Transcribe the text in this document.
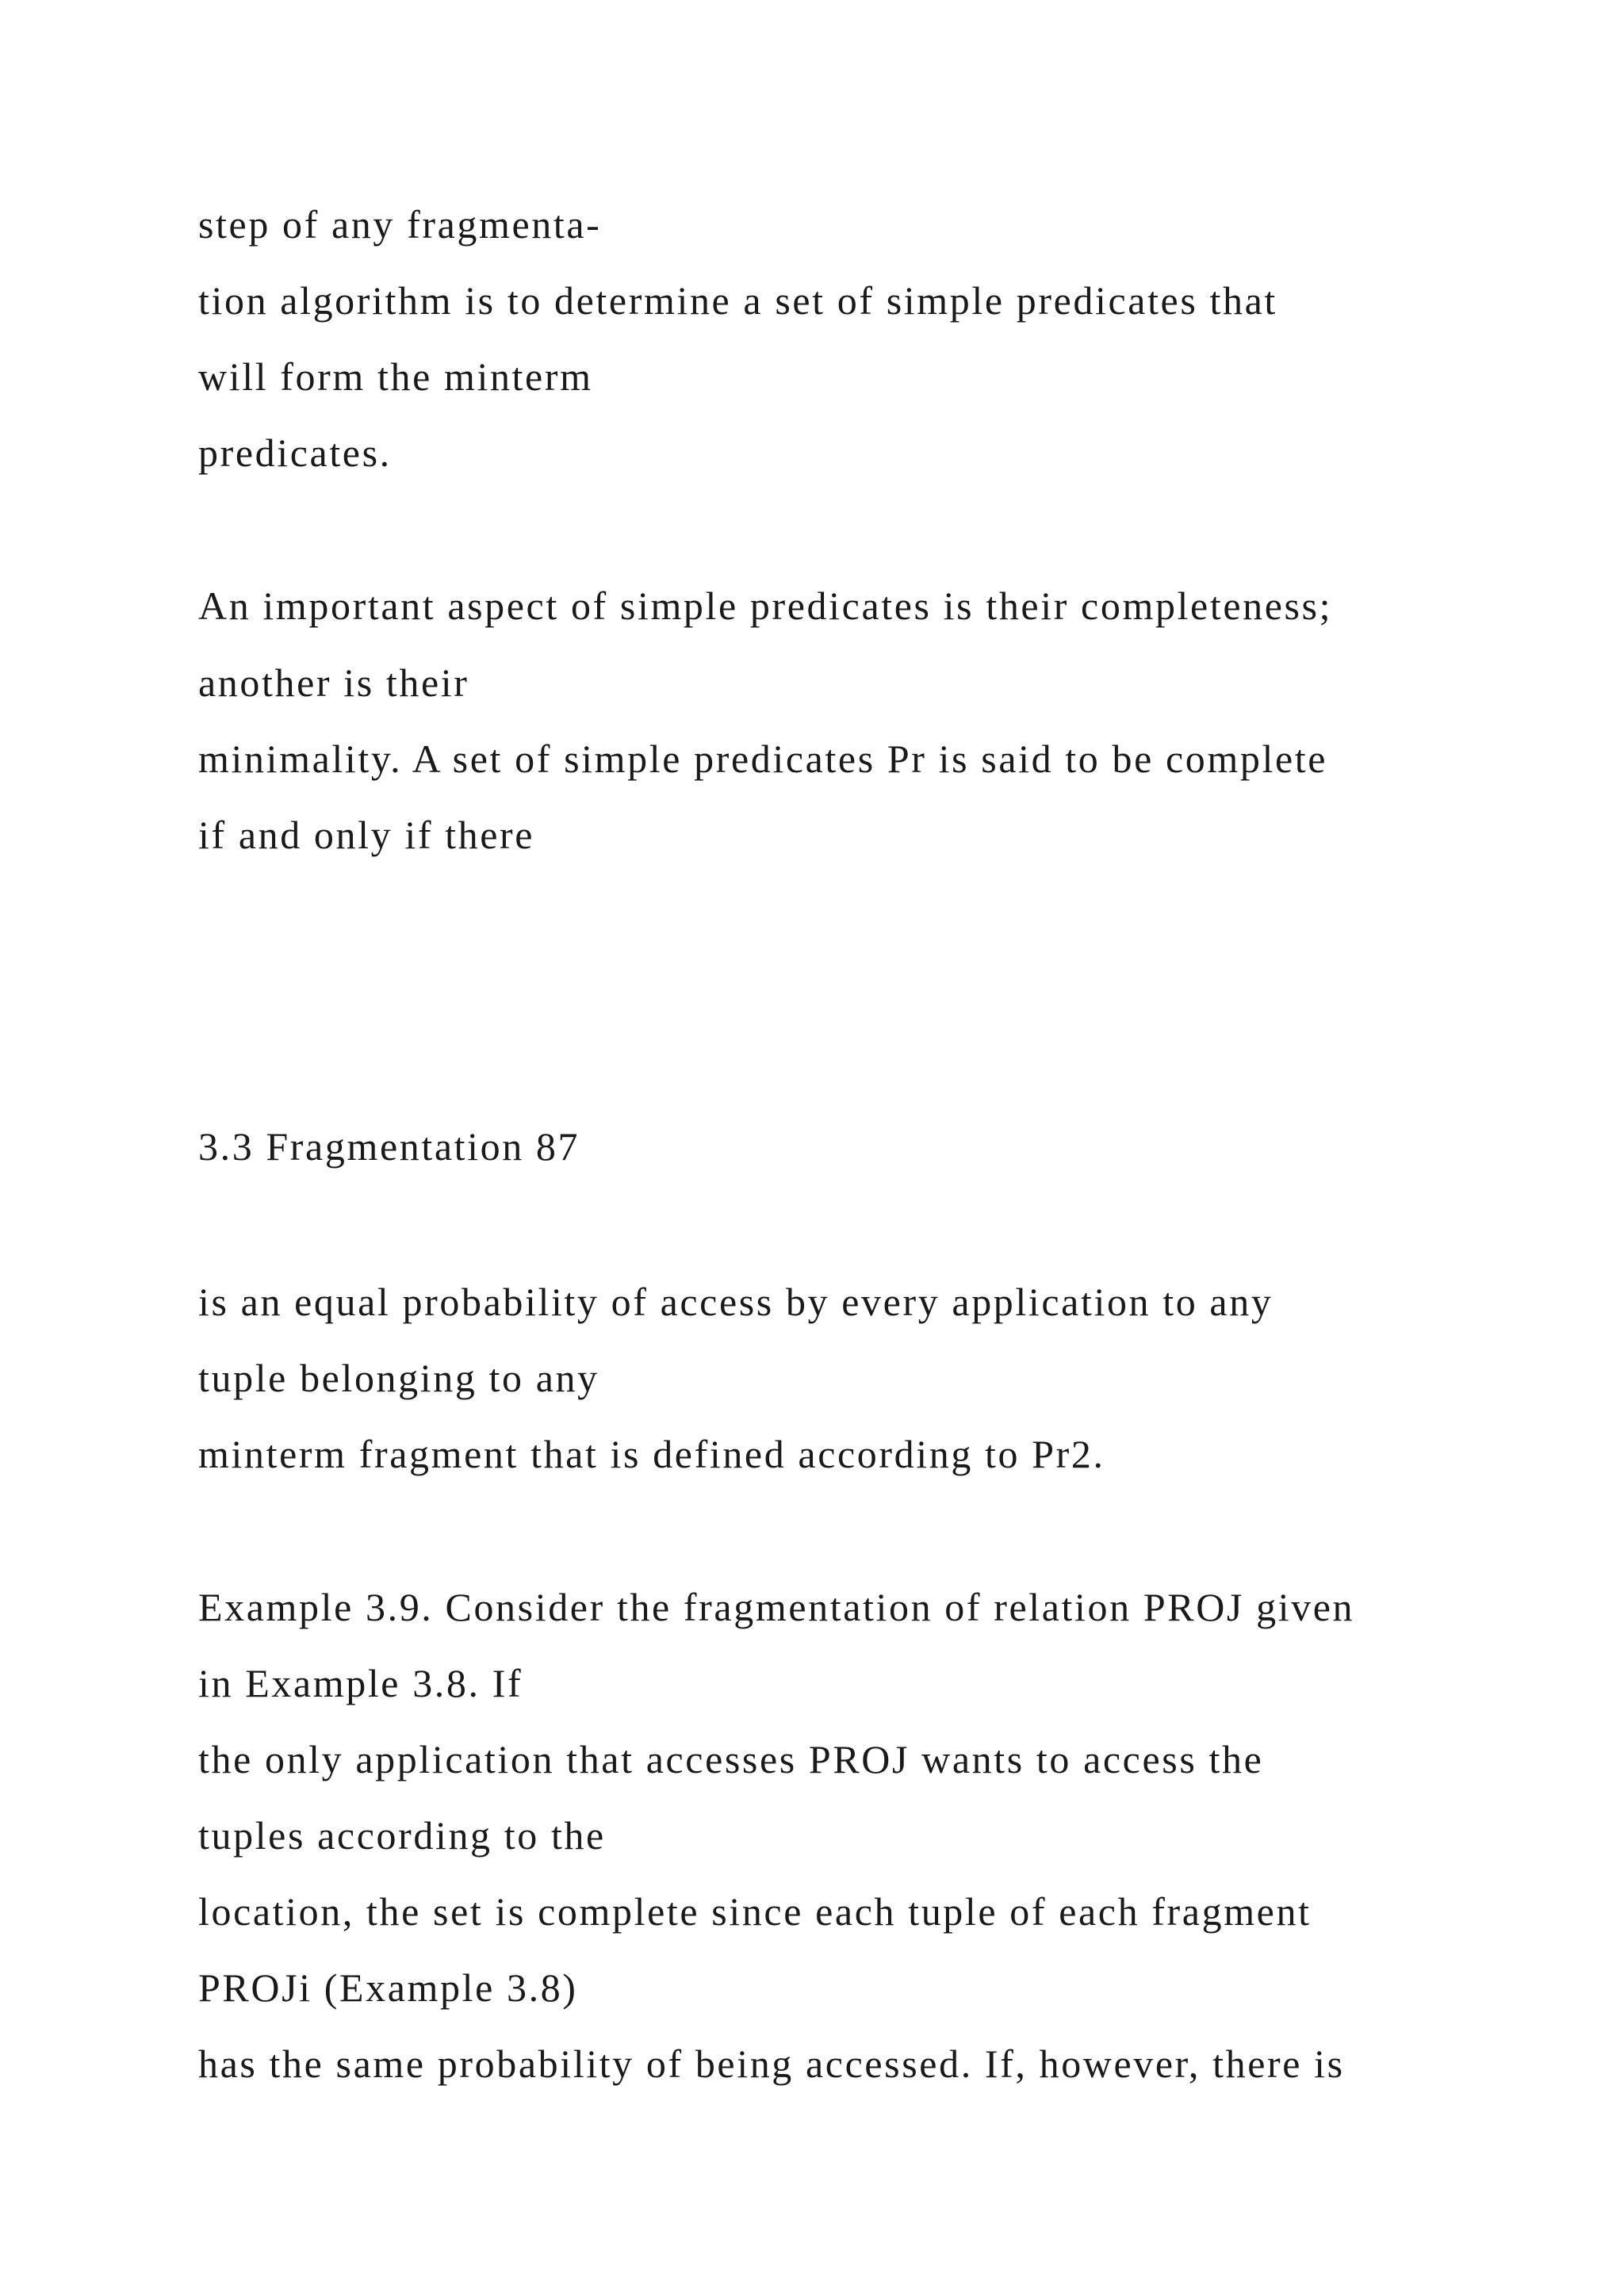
step of any fragmenta-

tion algorithm is to determine a set of simple predicates that

will form the minterm

predicates.

An important aspect of simple predicates is their completeness;

another is their

minimality. A set of simple predicates Pr is said to be complete

if and only if there

3.3 Fragmentation 87

is an equal probability of access by every application to any

tuple belonging to any

minterm fragment that is defined according to Pr2.

Example 3.9. Consider the fragmentation of relation PROJ given

in Example 3.8. If

the only application that accesses PROJ wants to access the

tuples according to the

location, the set is complete since each tuple of each fragment

PROJi (Example 3.8)

has the same probability of being accessed. If, however, there is
